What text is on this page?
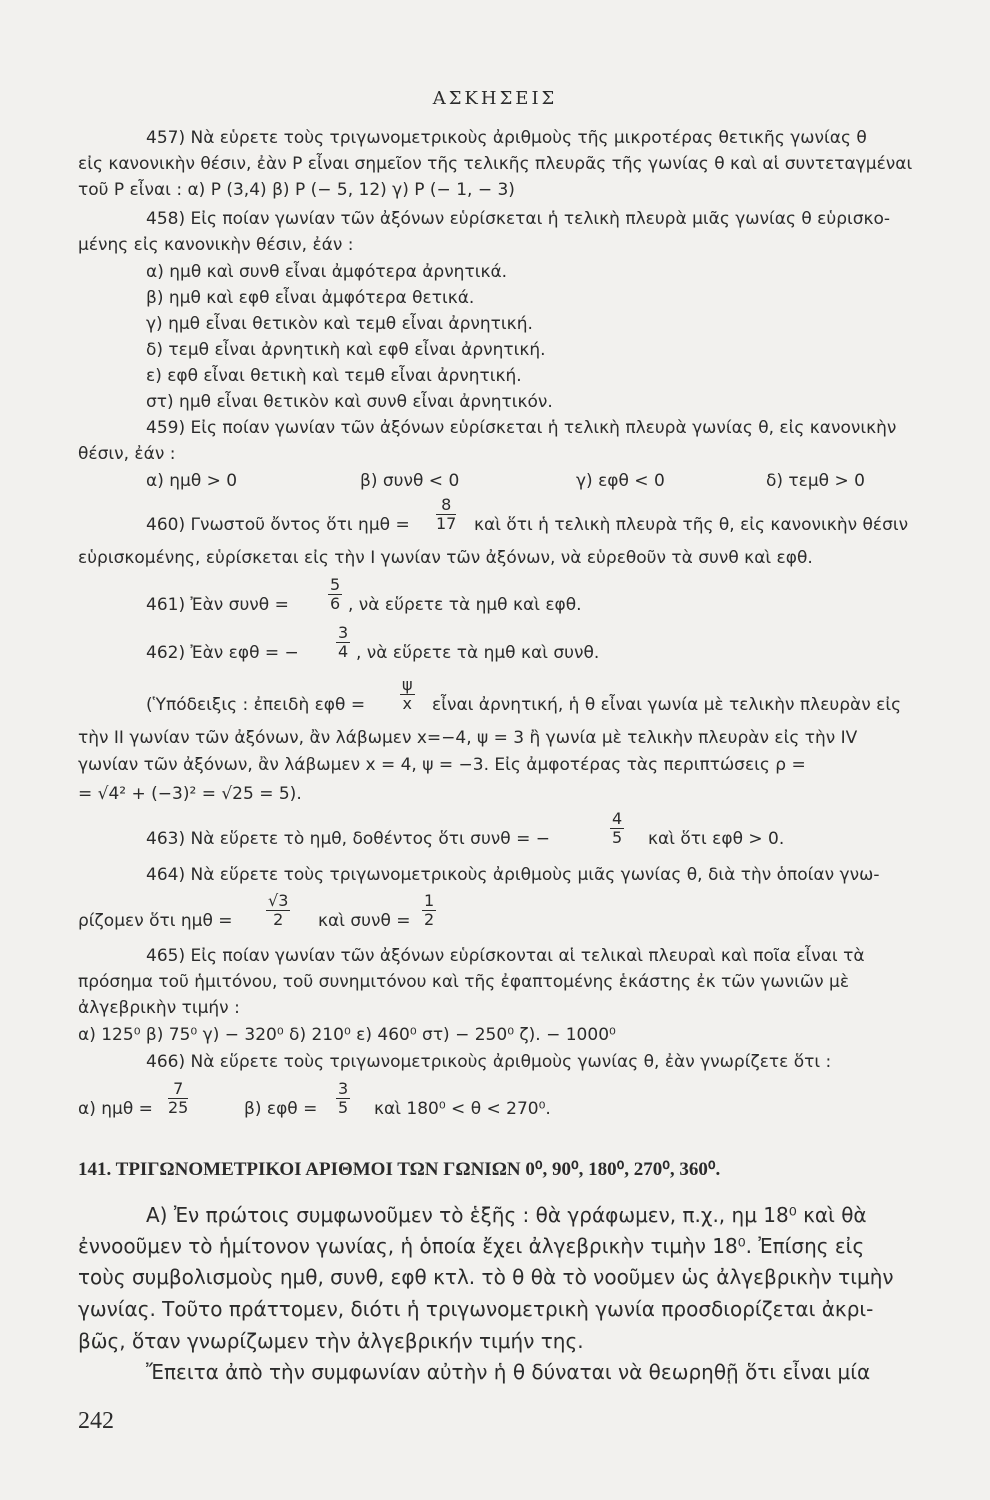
ΑΣΚΗΣΕΙΣ
457) Νὰ εὑρετε τοὺς τριγωνομετρικοὺς ἀριθμοὺς τῆς μικροτέρας θετικῆς γωνίας θ
εἰς κανονικὴν θέσιν, ἐὰν P εἶναι σημεῖον τῆς τελικῆς πλευρᾶς τῆς γωνίας θ καὶ αἱ συντεταγμέναι
τοῦ P εἶναι : α) P (3,4) β) P (− 5, 12) γ) P (− 1, − 3)
458) Εἰς ποίαν γωνίαν τῶν ἀξόνων εὑρίσκεται ἡ τελικὴ πλευρὰ μιᾶς γωνίας θ εὑρισκο-
μένης εἰς κανονικὴν θέσιν, ἐάν :
α) ημθ καὶ συνθ εἶναι ἀμφότερα ἀρνητικά.
β) ημθ καὶ εφθ εἶναι ἀμφότερα θετικά.
γ) ημθ εἶναι θετικὸν καὶ τεμθ εἶναι ἀρνητική.
δ) τεμθ εἶναι ἀρνητικὴ καὶ εφθ εἶναι ἀρνητική.
ε) εφθ εἶναι θετικὴ καὶ τεμθ εἶναι ἀρνητική.
στ) ημθ εἶναι θετικὸν καὶ συνθ εἶναι ἀρνητικόν.
459) Εἰς ποίαν γωνίαν τῶν ἀξόνων εὑρίσκεται ἡ τελικὴ πλευρὰ γωνίας θ, εἰς κανονικὴν
θέσιν, ἐάν :
α) ημθ > 0	β) συνθ < 0	γ) εφθ < 0	δ) τεμθ > 0
460) Γνωστοῦ ὄντος ὅτι $\eta\mu\theta = \frac{8}{17}$ καὶ ὅτι ἡ τελικὴ πλευρὰ τῆς θ, εἰς κανονικὴν θέσιν
εὑρισκομένης, εὑρίσκεται εἰς τὴν I γωνίαν τῶν ἀξόνων, νὰ εὑρεθοῦν τὰ συνθ καὶ εφθ.
461) Ἐὰν $\sigma\upsilon\nu\theta = \frac{5}{6}$ , νὰ εὕρετε τὰ ημθ καὶ εφθ.
462) Ἐὰν εφθ = − $\frac{3}{4}$ , νὰ εὕρετε τὰ ημθ καὶ συνθ.
(Ὑπόδειξις : ἐπειδὴ $\varepsilon\varphi\theta = \frac{\psi}{x}$ εἶναι ἀρνητική, ἡ θ εἶναι γωνία μὲ τελικὴν πλευρὰν εἰς
τὴν II γωνίαν τῶν ἀξόνων, ἂν λάβωμεν x=−4, ψ = 3 ἢ γωνία μὲ τελικὴν πλευρὰν εἰς τὴν IV
γωνίαν τῶν ἀξόνων, ἂν λάβωμεν x = 4, ψ = −3. Εἰς ἀμφοτέρας τὰς περιπτώσεις ρ =
= √4² + (−3)² = √25 = 5).
463) Νὰ εὕρετε τὸ ημθ, δοθέντος ὅτι συνθ = −	$\frac{4}{5}$ καὶ ὅτι εφθ > 0.
464) Νὰ εὕρετε τοὺς τριγωνομετρικοὺς ἀριθμοὺς μιᾶς γωνίας θ, διὰ τὴν ὁποίαν γνω-
ρίζομεν ὅτι $\eta\mu\theta = \frac{√3}{2}$ καὶ $\sigma\upsilon\nu\theta = \frac{1}{2}$
465) Εἰς ποίαν γωνίαν τῶν ἀξόνων εὑρίσκονται αἱ τελικαὶ πλευραὶ καὶ ποῖα εἶναι τὰ
πρόσημα τοῦ ἡμιτόνου, τοῦ συνημιτόνου καὶ τῆς ἐφαπτομένης ἑκάστης ἐκ τῶν γωνιῶν μὲ
ἀλγεβρικὴν τιμήν :
α) 125⁰ β) 75⁰ γ) − 320⁰ δ) 210⁰ ε) 460⁰ στ) − 250⁰ ζ). − 1000⁰
466) Νὰ εὕρετε τοὺς τριγωνομετρικοὺς ἀριθμοὺς γωνίας θ, ἐὰν γνωρίζετε ὅτι :
α) $\eta\mu\theta = \frac{7}{25}$	β) $\varepsilon\varphi\theta = \frac{3}{5}$ καὶ 180⁰ < θ < 270⁰.
141. ΤΡΙΓΩΝΟΜΕΤΡΙΚΟΙ ΑΡΙΘΜΟΙ ΤΩΝ ΓΩΝΙΩΝ 0⁰, 90⁰, 180⁰, 270⁰, 360⁰.
Α) Ἐν πρώτοις συμφωνοῦμεν τὸ ἑξῆς : θὰ γράφωμεν, π.χ., ημ 18⁰ καὶ θὰ
ἐννοοῦμεν τὸ ἡμίτονον γωνίας, ἡ ὁποία ἔχει ἀλγεβρικὴν τιμὴν 18⁰. Ἐπίσης εἰς
τοὺς συμβολισμοὺς ημθ, συνθ, εφθ κτλ. τὸ θ θὰ τὸ νοοῦμεν ὡς ἀλγεβρικὴν τιμὴν
γωνίας. Τοῦτο πράττομεν, διότι ἡ τριγωνομετρικὴ γωνία προσδιορίζεται ἀκρι-
βῶς, ὅταν γνωρίζωμεν τὴν ἀλγεβρικήν τιμήν της.
Ἔπειτα ἀπὸ τὴν συμφωνίαν αὐτὴν ἡ θ δύναται νὰ θεωρηθῇ ὅτι εἶναι μία
242
